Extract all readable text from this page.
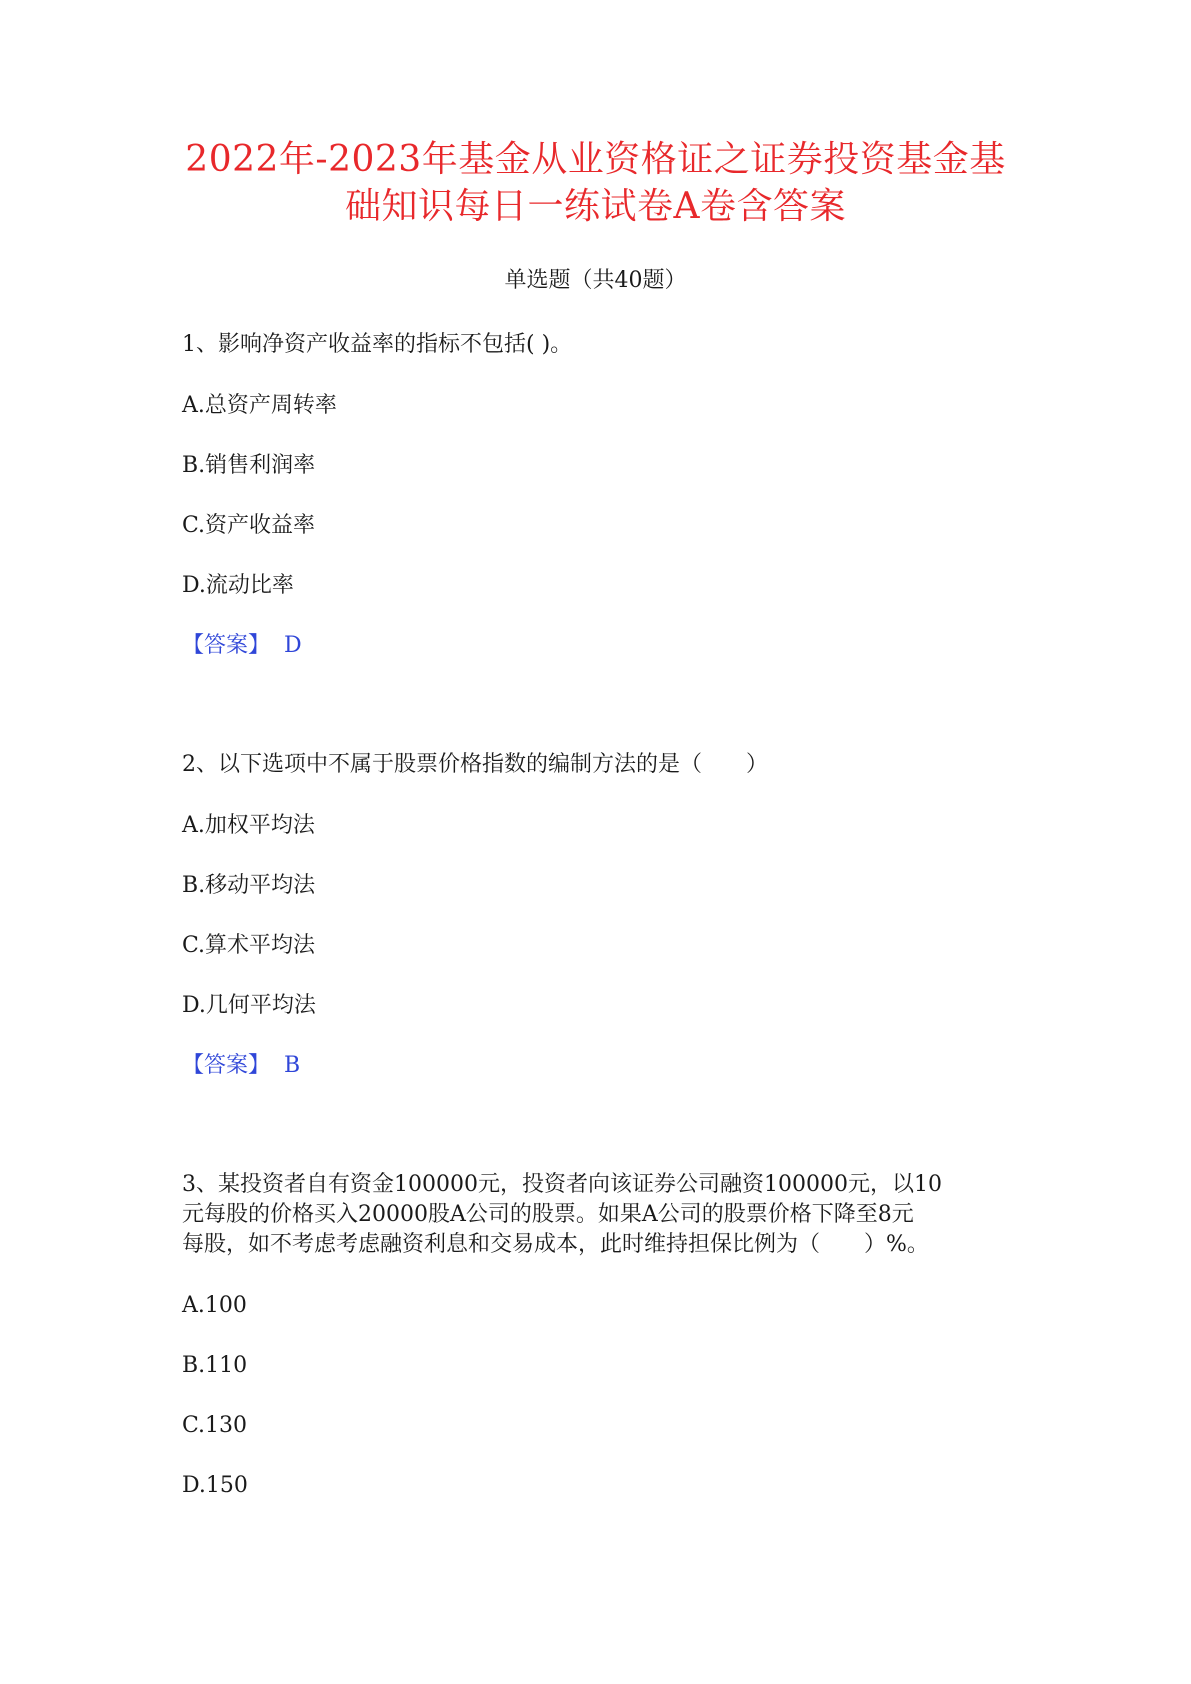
2022年-2023年基金从业资格证之证券投资基金基
础知识每日一练试卷A卷含答案
单选题（共40题）
1、影响净资产收益率的指标不包括( )。
A.总资产周转率
B.销售利润率
C.资产收益率
D.流动比率
【答案】 D
2、以下选项中不属于股票价格指数的编制方法的是（　　）
A.加权平均法
B.移动平均法
C.算术平均法
D.几何平均法
【答案】 B
3、某投资者自有资金100000元，投资者向该证券公司融资100000元，以10
元每股的价格买入20000股A公司的股票。如果A公司的股票价格下降至8元
每股，如不考虑考虑融资利息和交易成本，此时维持担保比例为（　　）%。
A.100
B.110
C.130
D.150
